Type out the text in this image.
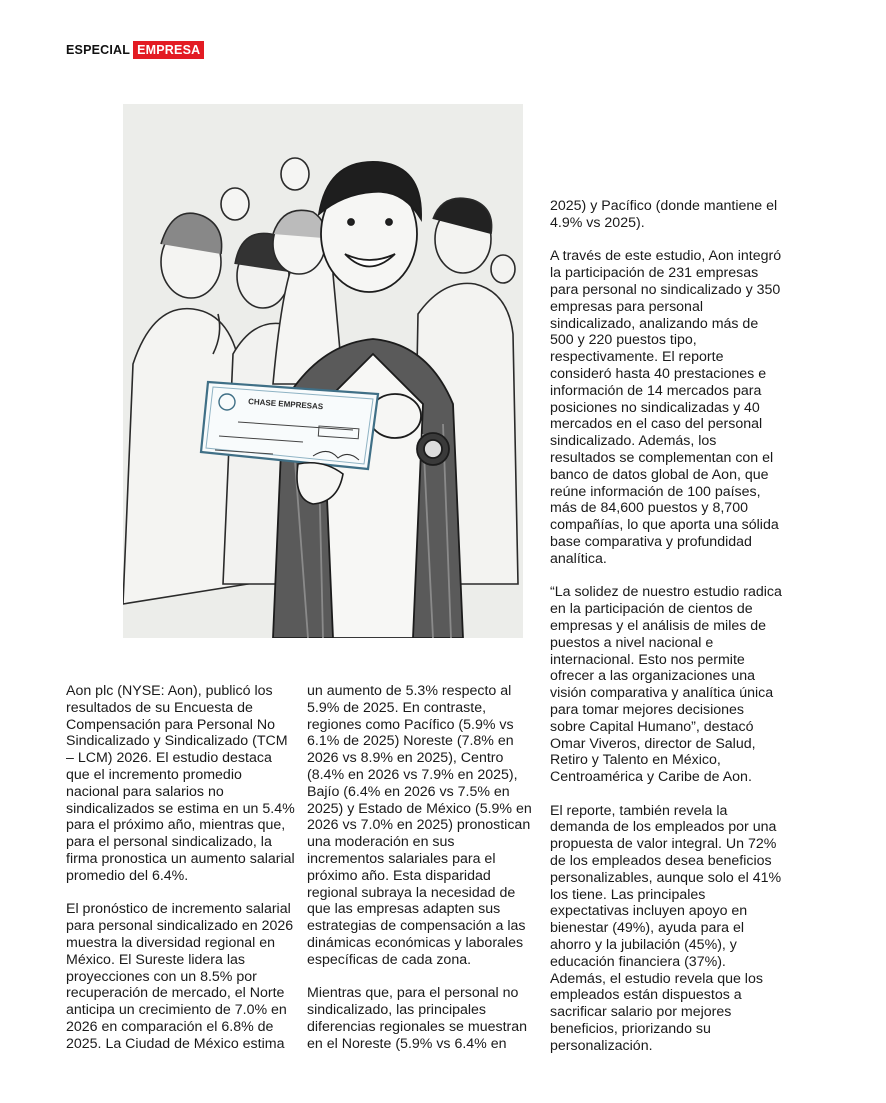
ESPECIAL EMPRESA
CHASE EMPRESAS

Aon plc (NYSE: Aon), publicó los resultados de su Encuesta de Compensación para Personal No Sindicalizado y Sindicalizado (TCM – LCM) 2026. El estudio destaca que el incremento promedio nacional para salarios no sindicalizados se estima en un 5.4% para el próximo año, mientras que, para el personal sindicalizado, la firma pronostica un aumento salarial promedio del 6.4%.

El pronóstico de incremento salarial para personal sindicalizado en 2026 muestra la diversidad regional en México. El Sureste lidera las proyecciones con un 8.5% por recuperación de mercado, el Norte anticipa un crecimiento de 7.0% en 2026 en comparación el 6.8% de 2025. La Ciudad de México estima

un aumento de 5.3% respecto al 5.9% de 2025. En contraste, regiones como Pacífico (5.9% vs 6.1% de 2025) Noreste (7.8% en 2026 vs 8.9% en 2025), Centro (8.4% en 2026 vs 7.9% en 2025), Bajío (6.4% en 2026 vs 7.5% en 2025) y Estado de México (5.9% en 2026 vs 7.0% en 2025) pronostican una moderación en sus incrementos salariales para el próximo año. Esta disparidad regional subraya la necesidad de que las empresas adapten sus estrategias de compensación a las dinámicas económicas y laborales específicas de cada zona.

Mientras que, para el personal no sindicalizado, las principales diferencias regionales se muestran en el Noreste (5.9% vs 6.4% en

2025) y Pacífico (donde mantiene el 4.9% vs 2025).

A través de este estudio, Aon integró la participación de 231 empresas para personal no sindicalizado y 350 empresas para personal sindicalizado, analizando más de 500 y 220 puestos tipo, respectivamente. El reporte consideró hasta 40 prestaciones e información de 14 mercados para posiciones no sindicalizadas y 40 mercados en el caso del personal sindicalizado. Además, los resultados se complementan con el banco de datos global de Aon, que reúne información de 100 países, más de 84,600 puestos y 8,700 compañías, lo que aporta una sólida base comparativa y profundidad analítica.

“La solidez de nuestro estudio radica en la participación de cientos de empresas y el análisis de miles de puestos a nivel nacional e internacional. Esto nos permite ofrecer a las organizaciones una visión comparativa y analítica única para tomar mejores decisiones sobre Capital Humano”, destacó Omar Viveros, director de Salud, Retiro y Talento en México, Centroamérica y Caribe de Aon.

El reporte, también revela la demanda de los empleados por una propuesta de valor integral. Un 72% de los empleados desea beneficios personalizables, aunque solo el 41% los tiene. Las principales expectativas incluyen apoyo en bienestar (49%), ayuda para el ahorro y la jubilación (45%), y educación financiera (37%). Además, el estudio revela que los empleados están dispuestos a sacrificar salario por mejores beneficios, priorizando su personalización.
